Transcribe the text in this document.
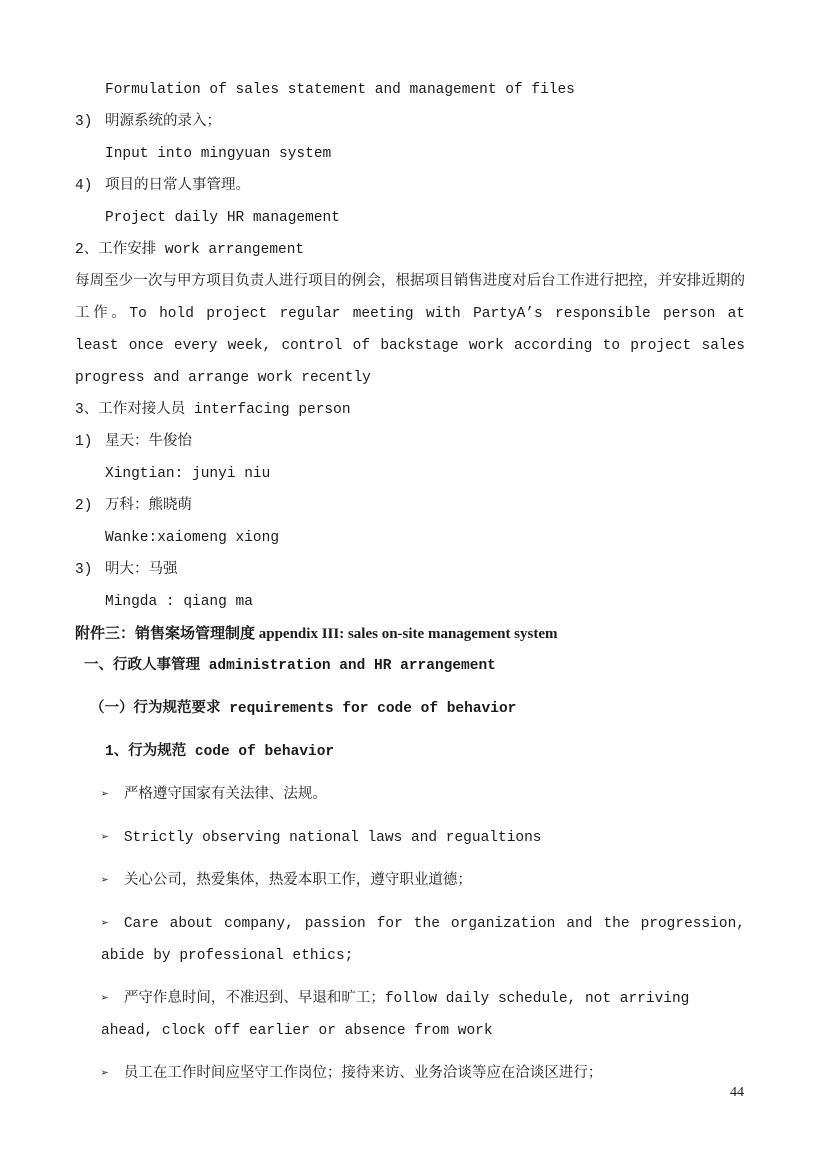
Formulation of sales statement and management of files
3) 明源系统的录入；
Input into mingyuan system
4) 项目的日常人事管理。
Project daily HR management
2、工作安排 work arrangement
每周至少一次与甲方项目负责人进行项目的例会，根据项目销售进度对后台工作进行把控，并安排近期的工作。To hold project regular meeting with PartyA’s responsible person at least once every week, control of backstage work according to project sales progress and arrange work recently
3、工作对接人员 interfacing person
1) 星天：牛俊怡
Xingtian: junyi niu
2) 万科：熊晓萌
Wanke:xaiomeng xiong
3) 明大：马强
Mingda : qiang ma
附件三：销售案场管理制度 appendix III: sales on-site management system
一、行政人事管理 administration and HR arrangement
（一）行为规范要求 requirements for code of behavior
1、行为规范 code of behavior
➢ 严格遵守国家有关法律、法规。
➢ Strictly observing national laws and regualtions
➢ 关心公司，热爱集体，热爱本职工作，遵守职业道德；
➢ Care about company, passion for the organization and the progression, abide by professional ethics;
➢ 严守作息时间，不准迟到、早退和旷工；follow daily schedule, not arriving ahead, clock off earlier or absence from work
➢ 员工在工作时间应坚守工作岗位；接待来访、业务洽谈等应在洽谈区进行；
44
